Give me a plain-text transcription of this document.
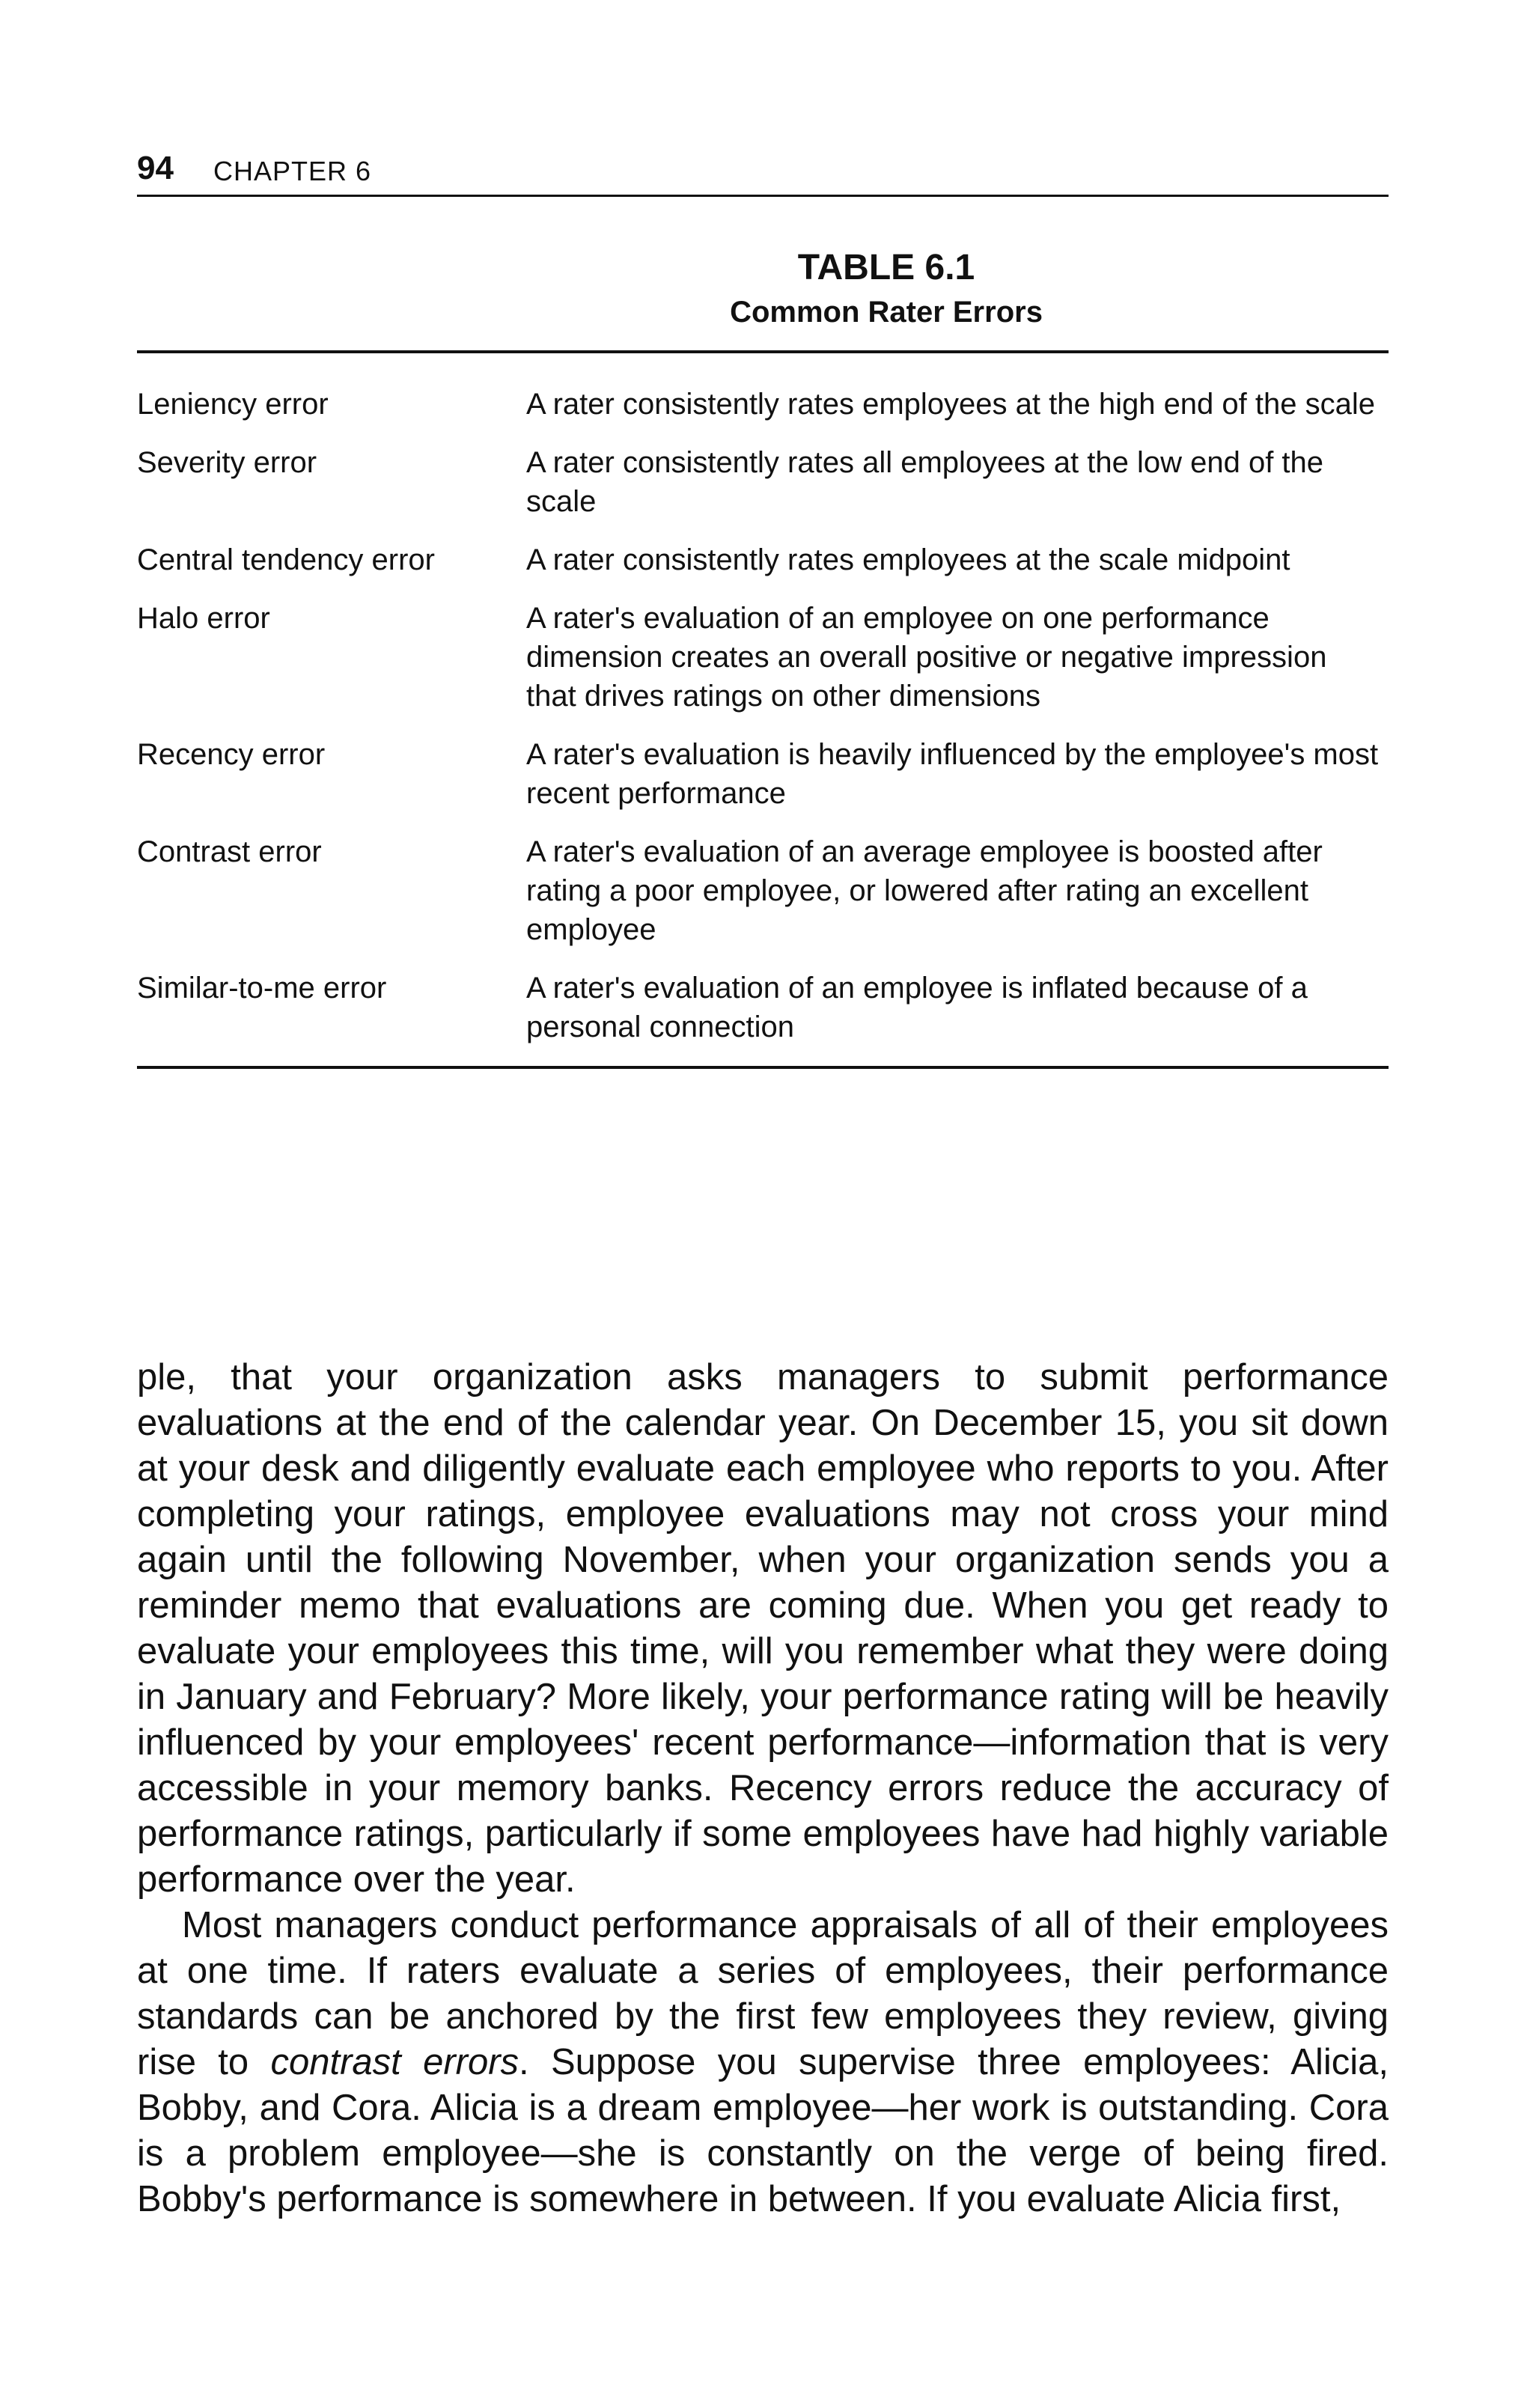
94 CHAPTER 6
TABLE 6.1
Common Rater Errors
Leniency error	A rater consistently rates employees at the high end of the scale
Severity error	A rater consistently rates all employees at the low end of the scale
Central tendency error	A rater consistently rates employees at the scale midpoint
Halo error	A rater's evaluation of an employee on one performance dimension creates an overall positive or negative impression that drives ratings on other dimensions
Recency error	A rater's evaluation is heavily influenced by the employee's most recent performance
Contrast error	A rater's evaluation of an average employee is boosted after rating a poor employee, or lowered after rating an excellent employee
Similar-to-me error	A rater's evaluation of an employee is inflated because of a personal connection

ple, that your organization asks managers to submit performance evaluations at the end of the calendar year. On December 15, you sit down at your desk and diligently evaluate each employee who reports to you. After completing your ratings, employee evaluations may not cross your mind again until the following November, when your organization sends you a reminder memo that evaluations are coming due. When you get ready to evaluate your employees this time, will you remember what they were doing in January and February? More likely, your performance rating will be heavily influenced by your employees' recent performance—information that is very accessible in your memory banks. Recency errors reduce the accuracy of performance ratings, particularly if some employees have had highly variable performance over the year.

Most managers conduct performance appraisals of all of their employees at one time. If raters evaluate a series of employees, their performance standards can be anchored by the first few employees they review, giving rise to contrast errors. Suppose you supervise three employees: Alicia, Bobby, and Cora. Alicia is a dream employee—her work is outstanding. Cora is a problem employee—she is constantly on the verge of being fired. Bobby's performance is somewhere in between. If you evaluate Alicia first,
